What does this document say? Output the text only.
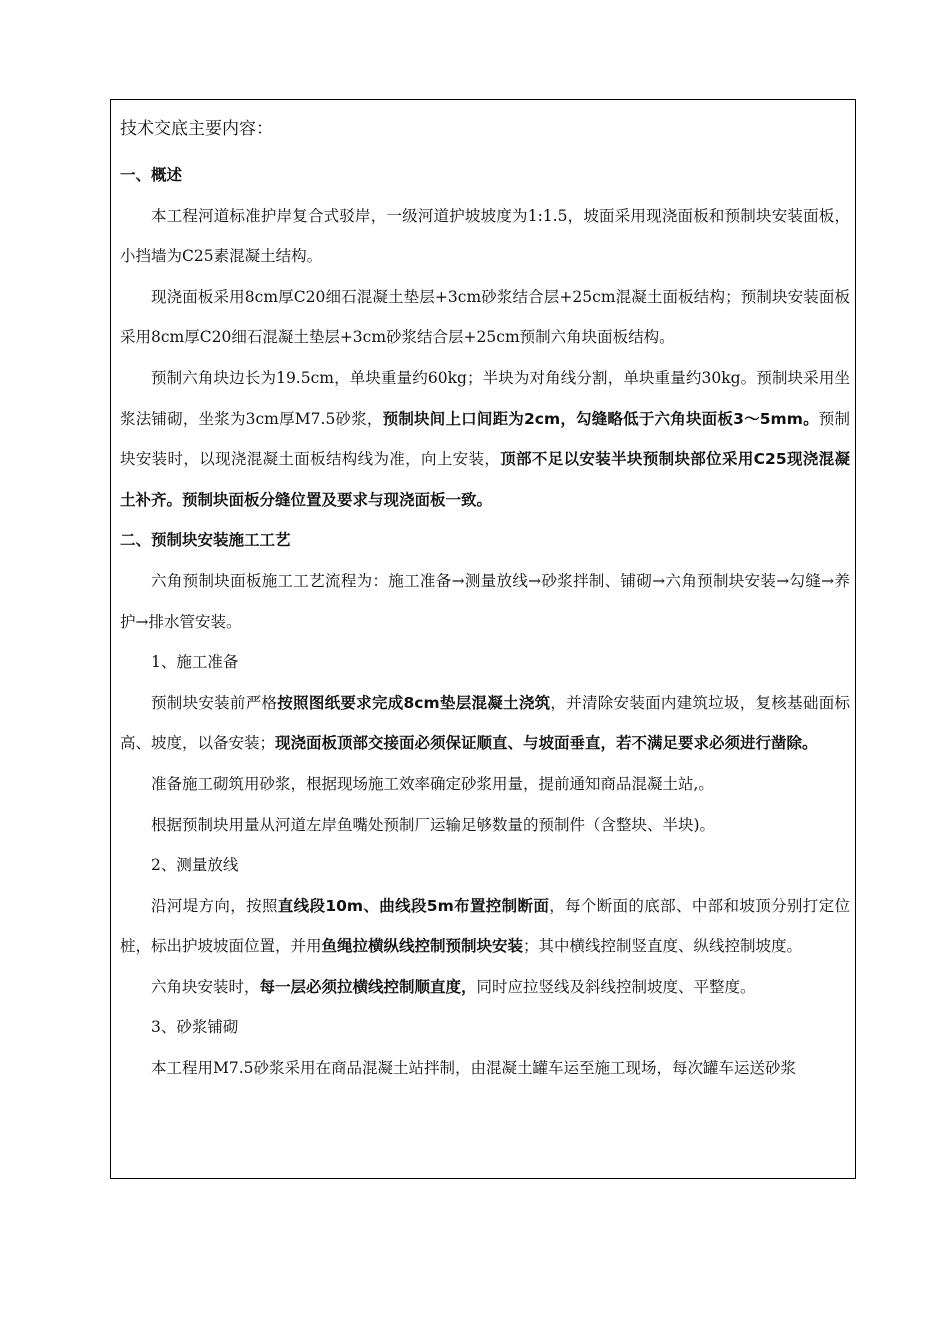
技术交底主要内容：

一、概述

本工程河道标准护岸复合式驳岸，一级河道护坡坡度为1:1.5，坡面采用现浇面板和预制块安装面板，小挡墙为C25素混凝土结构。

现浇面板采用8cm厚C20细石混凝土垫层+3cm砂浆结合层+25cm混凝土面板结构；预制块安装面板采用8cm厚C20细石混凝土垫层+3cm砂浆结合层+25cm预制六角块面板结构。

预制六角块边长为19.5cm，单块重量约60kg；半块为对角线分割，单块重量约30kg。预制块采用坐浆法铺砌，坐浆为3cm厚M7.5砂浆，预制块间上口间距为2cm，勾缝略低于六角块面板3～5mm。预制块安装时，以现浇混凝土面板结构线为准，向上安装，顶部不足以安装半块预制块部位采用C25现浇混凝土补齐。预制块面板分缝位置及要求与现浇面板一致。

二、预制块安装施工工艺

六角预制块面板施工工艺流程为：施工准备→测量放线→砂浆拌制、铺砌→六角预制块安装→勾缝→养护→排水管安装。

1、施工准备

预制块安装前严格按照图纸要求完成8cm垫层混凝土浇筑，并清除安装面内建筑垃圾，复核基础面标高、坡度，以备安装；现浇面板顶部交接面必须保证顺直、与坡面垂直，若不满足要求必须进行凿除。

准备施工砌筑用砂浆，根据现场施工效率确定砂浆用量，提前通知商品混凝土站,。

根据预制块用量从河道左岸鱼嘴处预制厂运输足够数量的预制件（含整块、半块)。

2、测量放线

沿河堤方向，按照直线段10m、曲线段5m布置控制断面，每个断面的底部、中部和坡顶分别打定位桩，标出护坡坡面位置，并用鱼绳拉横纵线控制预制块安装；其中横线控制竖直度、纵线控制坡度。

六角块安装时，每一层必须拉横线控制顺直度，同时应拉竖线及斜线控制坡度、平整度。

3、砂浆铺砌

本工程用M7.5砂浆采用在商品混凝土站拌制，由混凝土罐车运至施工现场，每次罐车运送砂浆
